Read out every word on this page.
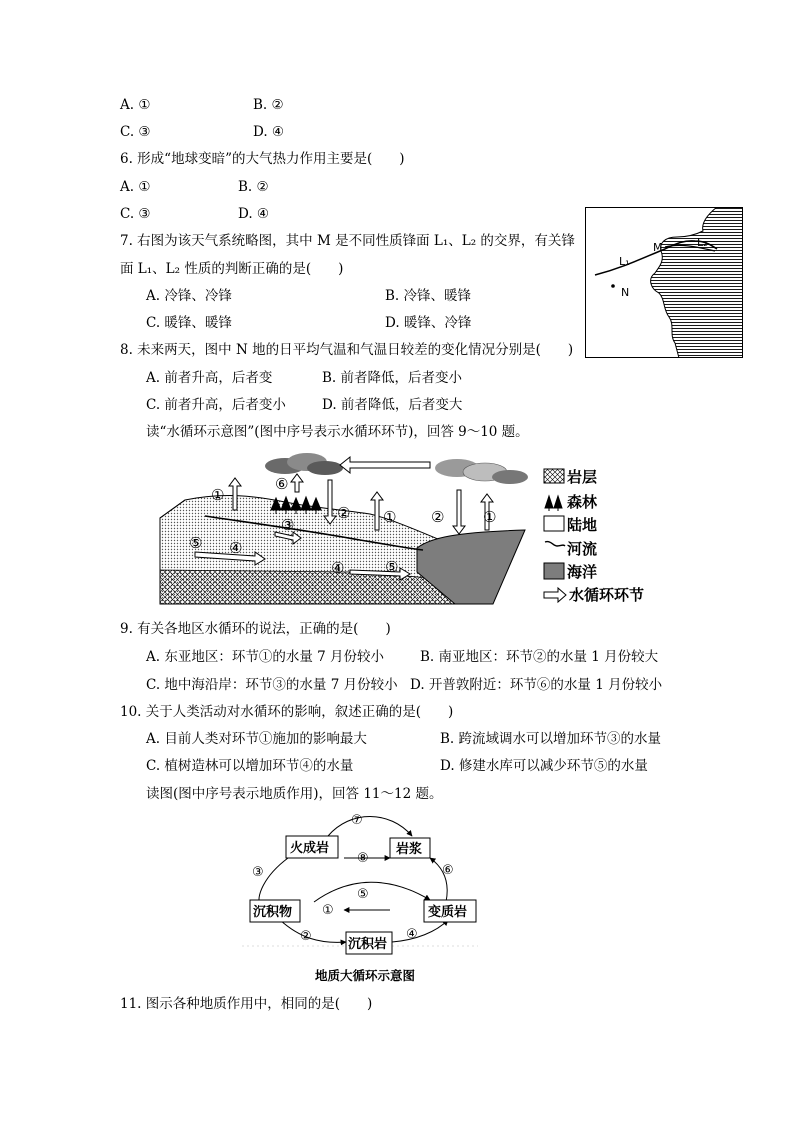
A. ①	B. ②
C. ③	D. ④
6. 形成“地球变暗”的大气热力作用主要是(　　)
A. ①	B. ②
C. ③	D. ④
7. 右图为该天气系统略图，其中 M 是不同性质锋面 L₁、L₂ 的交界，有关锋
面 L₁、L₂ 性质的判断正确的是(　　)
A. 冷锋、冷锋	B. 冷锋、暖锋
C. 暖锋、暖锋	D. 暖锋、冷锋
L₁
M	L₂
N
8. 未来两天，图中 N 地的日平均气温和气温日较差的变化情况分别是(　　)
A. 前者升高，后者变	B. 前者降低，后者变小
C. 前者升高，后者变小	D. 前者降低，后者变大
读“水循环示意图”(图中序号表示水循环环节)，回答 9～10 题。
①
⑥
③
② ① ②	①
⑤ ④
④	⑤
岩层
森林
陆地
河流
海洋
水循环环节
9. 有关各地区水循环的说法，正确的是(　　)
A. 东亚地区：环节①的水量 7 月份较小	B. 南亚地区：环节②的水量 1 月份较大
C. 地中海沿岸：环节③的水量 7 月份较小 D. 开普敦附近：环节⑥的水量 1 月份较小
10. 关于人类活动对水循环的影响，叙述正确的是(　　)
A. 目前人类对环节①施加的影响最大	B. 跨流域调水可以增加环节③的水量
C. 植树造林可以增加环节④的水量	D. 修建水库可以减少环节⑤的水量
读图(图中序号表示地质作用)，回答 11～12 题。
火成岩	岩浆
沉积物	变质岩
沉积岩
⑦
⑧
③	⑥
⑤
①
②	④
地质大循环示意图
11. 图示各种地质作用中，相同的是(　　)
